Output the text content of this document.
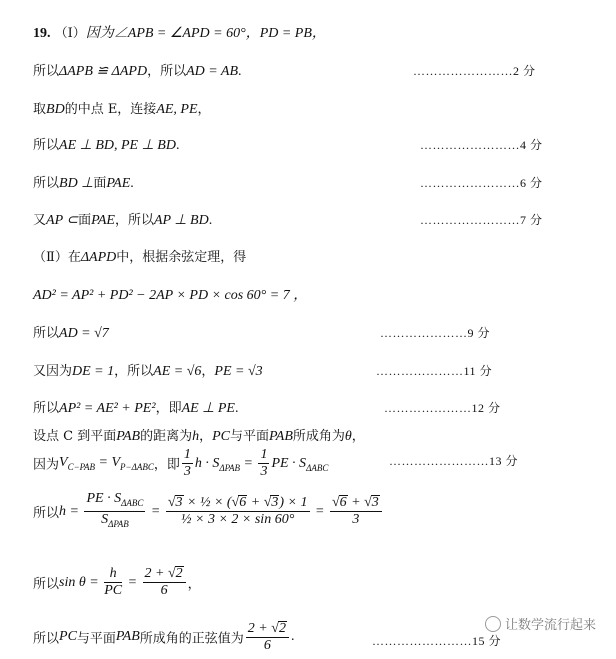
19. （Ⅰ）因为∠APB = ∠APD = 60°，PD = PB，
所以ΔAPB ≌ ΔAPD，所以AD = AB.	……………………2 分
取BD的中点 E，连接AE, PE，
所以AE ⊥ BD, PE ⊥ BD.	……………………4 分
所以BD ⊥面PAE.	……………………6 分
又AP ⊂面PAE，所以AP ⊥ BD.	……………………7 分
（Ⅱ）在ΔAPD中，根据余弦定理，得
AD² = AP² + PD² − 2AP × PD × cos 60° = 7 ，
所以AD = √7	…………………9 分
又因为DE = 1，所以AE = √6，PE = √3	…………………11 分
所以AP² = AE² + PE²，即AE ⊥ PE.	…………………12 分
设点 C 到平面PAB的距离为h，PC与平面PAB所成角为θ，
因为$V_{C-PAB} = V_{P-\Delta ABC}$，即 $\frac{1}{3}$ $h \cdot S_{\Delta PAB} = \frac{1}{3}$ PE · $S_{\Delta ABC}$	……………………13 分
所以$h = \frac{PE \cdot S_{\Delta ABC}}{S_{\Delta PAB}} = \frac{\text{√3 × ½ × (√6 + √3) × 1}}{\text{½ × 3 × 2 × sin 60°}} = \frac{√6 + √3}{3}$
所以$\sin \theta = \frac{h}{PC} = \frac{2 + √2}{6}$ ，
所以PC与平面PAB所成角的正弦值为 $\frac{2 + √2}{6}$ .	……………………15 分
让数学流行起来
